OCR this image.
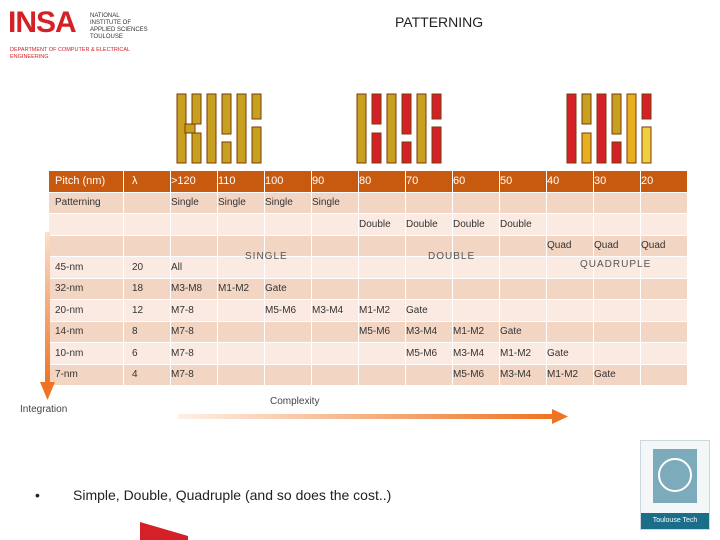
INSA NATIONAL INSTITUTE OF APPLIED SCIENCES TOULOUSE
DEPARTMENT OF COMPUTER & ELECTRICAL ENGINEERING
PATTERNING
Pitch (nm)	λ	>120	110	100	90	80	70	60	50	40	30	20
Patterning		Single	Single	Single	Single							
						Double	Double	Double	Double			
										Quad	Quad	Quad
45-nm	20	All										
32-nm	18	M3-M8	M1-M2	Gate								
20-nm	12	M7-8		M5-M6	M3-M4	M1-M2	Gate					
14-nm	8	M7-8				M5-M6	M3-M4	M1-M2	Gate			
10-nm	6	M7-8					M5-M6	M3-M4	M1-M2	Gate		
7-nm	4	M7-8						M5-M6	M3-M4	M1-M2	Gate	
SINGLE	DOUBLE
QUADRUPLE
Integration
Complexity
• Simple, Double, Quadruple (and so does the cost..)
Toulouse Tech
